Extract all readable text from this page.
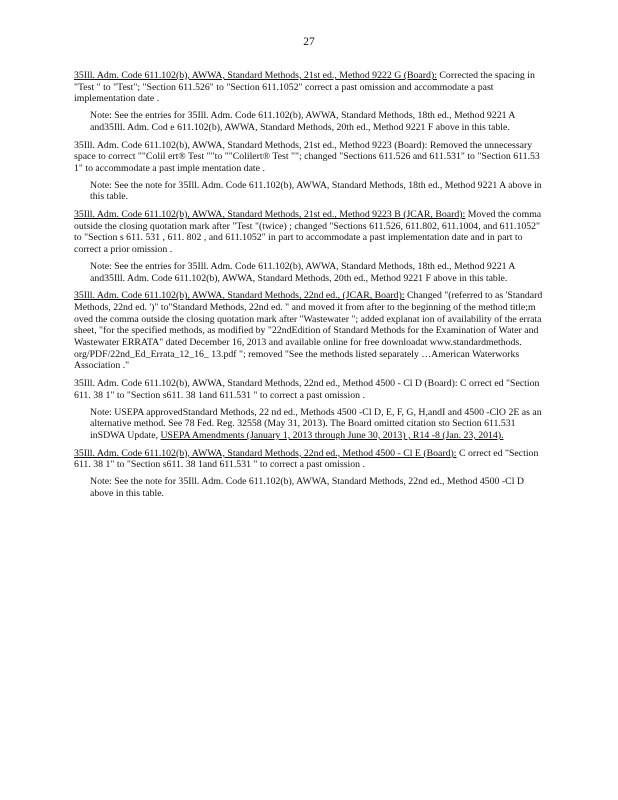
27
35Ill. Adm. Code 611.102(b), AWWA, Standard Methods, 21st ed., Method 9222 G (Board): Corrected the spacing in "Test " to "Test"; "Section 611.526" to "Section 611.1052" correct a past omission and accommodate a past implementation date .
Note: See the entries for 35Ill. Adm. Code 611.102(b), AWWA, Standard Methods, 18th ed., Method 9221 A and35Ill. Adm. Cod e 611.102(b), AWWA, Standard Methods, 20th ed., Method 9221 F above in this table.
35Ill. Adm. Code 611.102(b), AWWA, Standard Methods, 21st ed., Method 9223 (Board): Removed the unnecessary space to correct ""Colil ert® Test ""to ""Colilert® Test ""; changed "Sections 611.526 and 611.531" to "Section 611.53 1" to accommodate a past imple mentation date .
Note: See the note for 35Ill. Adm. Code 611.102(b), AWWA, Standard Methods, 18th ed., Method 9221 A above in this table.
35Ill. Adm. Code 611.102(b), AWWA, Standard Methods, 21st ed., Method 9223 B (JCAR, Board): Moved the comma outside the closing quotation mark after "Test "(twice) ; changed "Sections 611.526, 611.802, 611.1004, and 611.1052" to "Section s 611. 531 , 611. 802 , and 611.1052" in part to accommodate a past implementation date and in part to correct a prior omission .
Note: See the entries for 35Ill. Adm. Code 611.102(b), AWWA, Standard Methods, 18th ed., Method 9221 A and35Ill. Adm. Code 611.102(b), AWWA, Standard Methods, 20th ed., Method 9221 F above in this table.
35Ill. Adm. Code 611.102(b), AWWA, Standard Methods, 22nd ed., (JCAR, Board): Changed "(referred to as 'Standard Methods, 22nd ed. ')" to"Standard Methods, 22nd ed. " and moved it from after to the beginning of the method title;m oved the comma outside the closing quotation mark after "Wastewater "; added explanat ion of availability of the errata sheet, "for the specified methods, as modified by "22ndEdition of Standard Methods for the Examination of Water and Wastewater ERRATA" dated December 16, 2013 and available online for free downloadat www.standardmethods. org/PDF/22nd_Ed_Errata_12_16_ 13.pdf "; removed "See the methods listed separately …American Waterworks Association ."
35Ill. Adm. Code 611.102(b), AWWA, Standard Methods, 22nd ed., Method 4500 - Cl D (Board): C orrect ed "Section 611. 38 1" to "Section s611. 38 1and 611.531 " to correct a past omission .
Note: USEPA approvedStandard Methods, 22 nd ed., Methods 4500 -Cl D, E, F, G, H,andI and 4500 -ClO 2E as an alternative method. See 78 Fed. Reg. 32558 (May 31, 2013). The Board omitted citation sto Section 611.531 inSDWA Update, USEPA Amendments (January 1, 2013 through June 30, 2013) , R14 -8 (Jan. 23, 2014).
35Ill. Adm. Code 611.102(b), AWWA, Standard Methods, 22nd ed., Method 4500 - Cl E (Board): C orrect ed "Section 611. 38 1" to "Section s611. 38 1and 611.531 " to correct a past omission .
Note: See the note for 35Ill. Adm. Code 611.102(b), AWWA, Standard Methods, 22nd ed., Method 4500 -Cl D above in this table.
